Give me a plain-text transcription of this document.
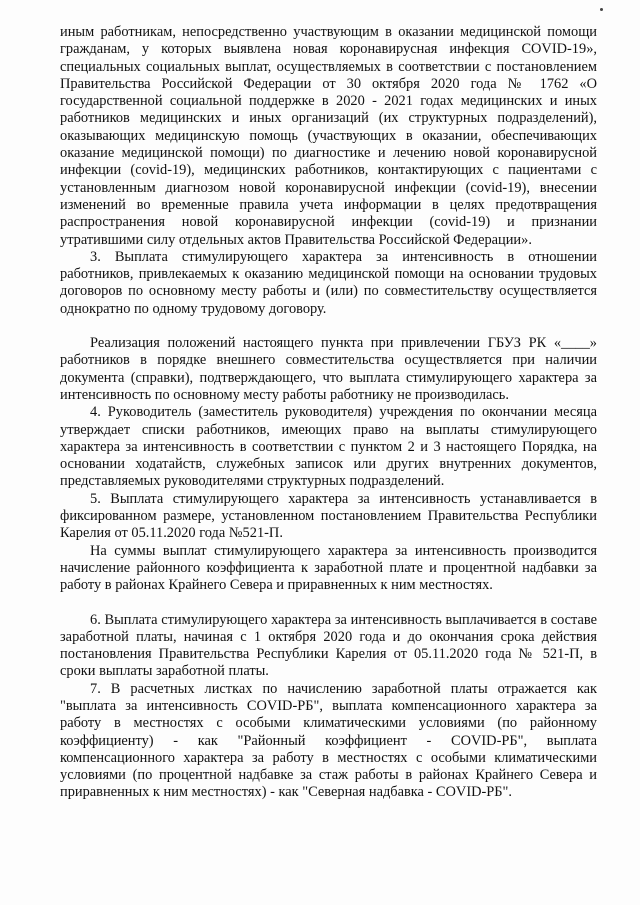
иным работникам, непосредственно участвующим в оказании медицинской помощи гражданам, у которых выявлена новая коронавирусная инфекция COVID-19», специальных социальных выплат, осуществляемых в соответствии с постановлением Правительства Российской Федерации от 30 октября 2020 года № 1762 «О государственной социальной поддержке в 2020 - 2021 годах медицинских и иных работников медицинских и иных организаций (их структурных подразделений), оказывающих медицинскую помощь (участвующих в оказании, обеспечивающих оказание медицинской помощи) по диагностике и лечению новой коронавирусной инфекции (covid-19), медицинских работников, контактирующих с пациентами с установленным диагнозом новой коронавирусной инфекции (covid-19), внесении изменений во временные правила учета информации в целях предотвращения распространения новой коронавирусной инфекции (covid-19) и признании утратившими силу отдельных актов Правительства Российской Федерации».

3. Выплата стимулирующего характера за интенсивность в отношении работников, привлекаемых к оказанию медицинской помощи на основании трудовых договоров по основному месту работы и (или) по совместительству осуществляется однократно по одному трудовому договору.

Реализация положений настоящего пункта при привлечении ГБУЗ РК «____» работников в порядке внешнего совместительства осуществляется при наличии документа (справки), подтверждающего, что выплата стимулирующего характера за интенсивность по основному месту работы работнику не производилась.

4. Руководитель (заместитель руководителя) учреждения по окончании месяца утверждает списки работников, имеющих право на выплаты стимулирующего характера за интенсивность в соответствии с пунктом 2 и 3 настоящего Порядка, на основании ходатайств, служебных записок или других внутренних документов, представляемых руководителями структурных подразделений.

5. Выплата стимулирующего характера за интенсивность устанавливается в фиксированном размере, установленном постановлением Правительства Республики Карелия от 05.11.2020 года №521-П.

На суммы выплат стимулирующего характера за интенсивность производится начисление районного коэффициента к заработной плате и процентной надбавки за работу в районах Крайнего Севера и приравненных к ним местностях.

6. Выплата стимулирующего характера за интенсивность выплачивается в составе заработной платы, начиная с 1 октября 2020 года и до окончания срока действия постановления Правительства Республики Карелия от 05.11.2020 года № 521-П, в сроки выплаты заработной платы.

7. В расчетных листках по начислению заработной платы отражается как "выплата за интенсивность COVID-РБ", выплата компенсационного характера за работу в местностях с особыми климатическими условиями (по районному коэффициенту) - как "Районный коэффициент - COVID-РБ", выплата компенсационного характера за работу в местностях с особыми климатическими условиями (по процентной надбавке за стаж работы в районах Крайнего Севера и приравненных к ним местностях) - как "Северная надбавка - COVID-РБ".
